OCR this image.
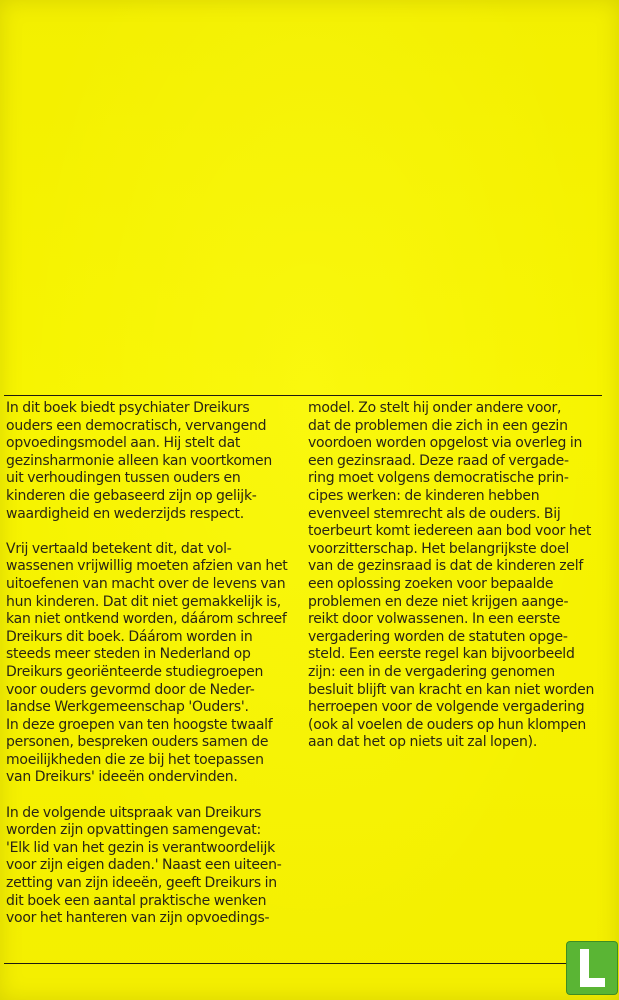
In dit boek biedt psychiater Dreikurs
ouders een democratisch, vervangend
opvoedingsmodel aan. Hij stelt dat
gezinsharmonie alleen kan voortkomen
uit verhoudingen tussen ouders en
kinderen die gebaseerd zijn op gelijk-
waardigheid en wederzijds respect.
Vrij vertaald betekent dit, dat vol-
wassenen vrijwillig moeten afzien van het
uitoefenen van macht over de levens van
hun kinderen. Dat dit niet gemakkelijk is,
kan niet ontkend worden, dáárom schreef
Dreikurs dit boek. Dáárom worden in
steeds meer steden in Nederland op
Dreikurs georiënteerde studiegroepen
voor ouders gevormd door de Neder-
landse Werkgemeenschap 'Ouders'.
In deze groepen van ten hoogste twaalf
personen, bespreken ouders samen de
moeilijkheden die ze bij het toepassen
van Dreikurs' ideeën ondervinden.
In de volgende uitspraak van Dreikurs
worden zijn opvattingen samengevat:
'Elk lid van het gezin is verantwoordelijk
voor zijn eigen daden.' Naast een uiteen-
zetting van zijn ideeën, geeft Dreikurs in
dit boek een aantal praktische wenken
voor het hanteren van zijn opvoedings-
model. Zo stelt hij onder andere voor,
dat de problemen die zich in een gezin
voordoen worden opgelost via overleg in
een gezinsraad. Deze raad of vergade-
ring moet volgens democratische prin-
cipes werken: de kinderen hebben
evenveel stemrecht als de ouders. Bij
toerbeurt komt iedereen aan bod voor het
voorzitterschap. Het belangrijkste doel
van de gezinsraad is dat de kinderen zelf
een oplossing zoeken voor bepaalde
problemen en deze niet krijgen aange-
reikt door volwassenen. In een eerste
vergadering worden de statuten opge-
steld. Een eerste regel kan bijvoorbeeld
zijn: een in de vergadering genomen
besluit blijft van kracht en kan niet worden
herroepen voor de volgende vergadering
(ook al voelen de ouders op hun klompen
aan dat het op niets uit zal lopen).
